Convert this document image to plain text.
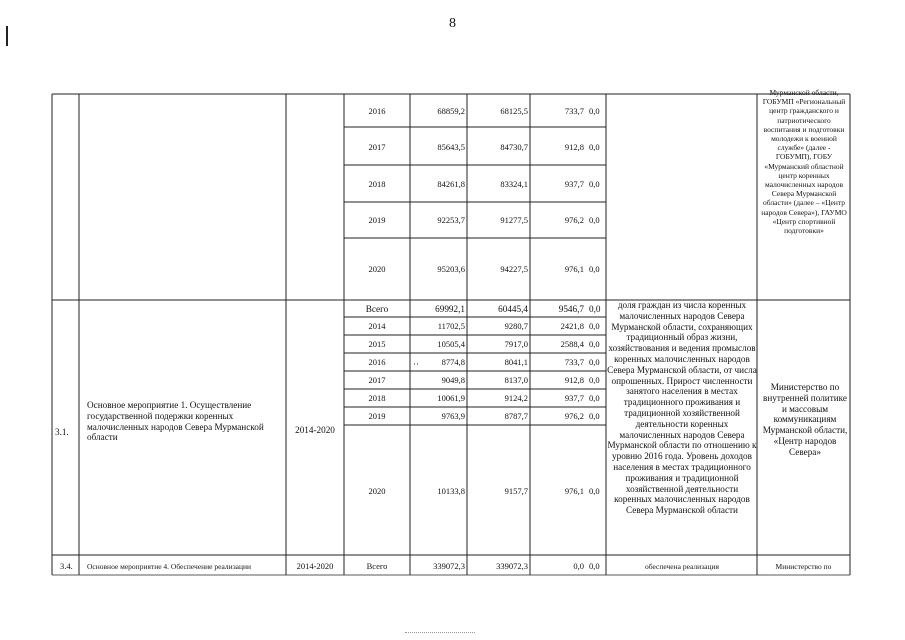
8
2016	68859,2	68125,5	733,7 0,0
2017	85643,5	84730,7	912,8 0,0
2018	84261,8	83324,1	937,7 0,0
2019	92253,7	91277,5	976,2 0,0
2020	95203,6	94227,5	976,1 0,0
Мурманской области, ГОБУМП «Региональный центр гражданского и патриотического воспитания и подготовки молодежи к военной службе» (далее - ГОБУМП), ГОБУ «Мурманский областной центр коренных малочисленных народов Севера Мурманской области» (далее – «Центр народов Севера»), ГАУМО «Центр спортивной подготовки»
3.1.
Основное мероприятие 1. Осуществление государственной подержки коренных малочисленных народов Севера Мурманской области
2014-2020
Всего	69992,1	60445,4	9546,7 0,0
2014	11702,5	9280,7	2421,8 0,0
2015	10505,4	7917,0	2588,4 0,0
2016	8774,8	8041,1	733,7 0,0
2017	9049,8	8137,0	912,8 0,0
2018	10061,9	9124,2	937,7 0,0
2019	9763,9	8787,7	976,2 0,0
2020	10133,8	9157,7	976,1 0,0
доля граждан из числа коренных малочисленных народов Севера Мурманской области, сохраняющих традиционный образ жизни, хозяйствования и ведения промыслов коренных малочисленных народов Севера Мурманской области, от числа опрошенных. Прирост численности занятого населения в местах традиционного проживания и традиционной хозяйственной деятельности коренных малочисленных народов Севера Мурманской области по отношению к уровню 2016 года. Уровень доходов населения в местах традиционного проживания и традиционной хозяйственной деятельности коренных малочисленных народов Севера Мурманской области
Министерство по внутренней политике и массовым коммуникациям Мурманской области, «Центр народов Севера»
··
3.4.	Основное мероприятие 4. Обеспечение реализации	2014-2020	Всего	339072,3	339072,3	0,0 0,0	обеспечена реализация	Министерство по
